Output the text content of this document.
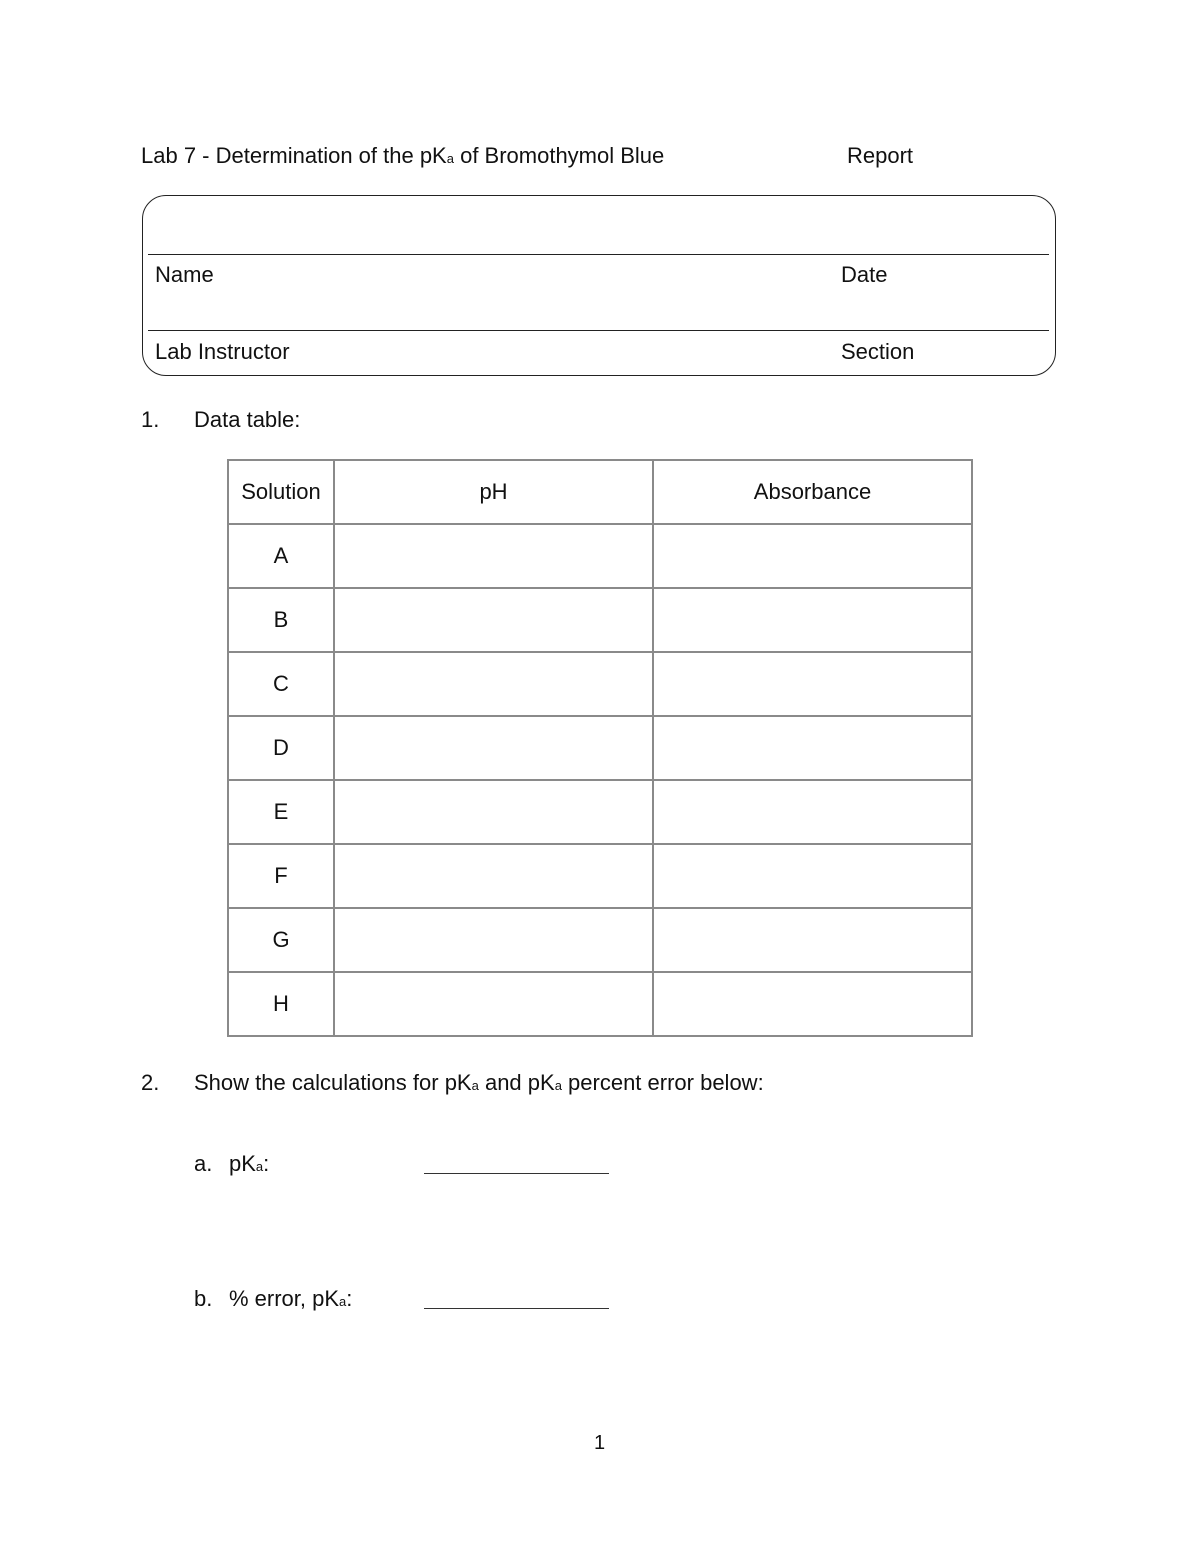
Lab 7 - Determination of the pKa of Bromothymol Blue	Report
Name	Date
Lab Instructor	Section
1. Data table:
Solution	pH	Absorbance
A		
B		
C		
D		
E		
F		
G		
H		
2. Show the calculations for pKa and pKa percent error below:
a. pKa:
b. % error, pKa:
1
